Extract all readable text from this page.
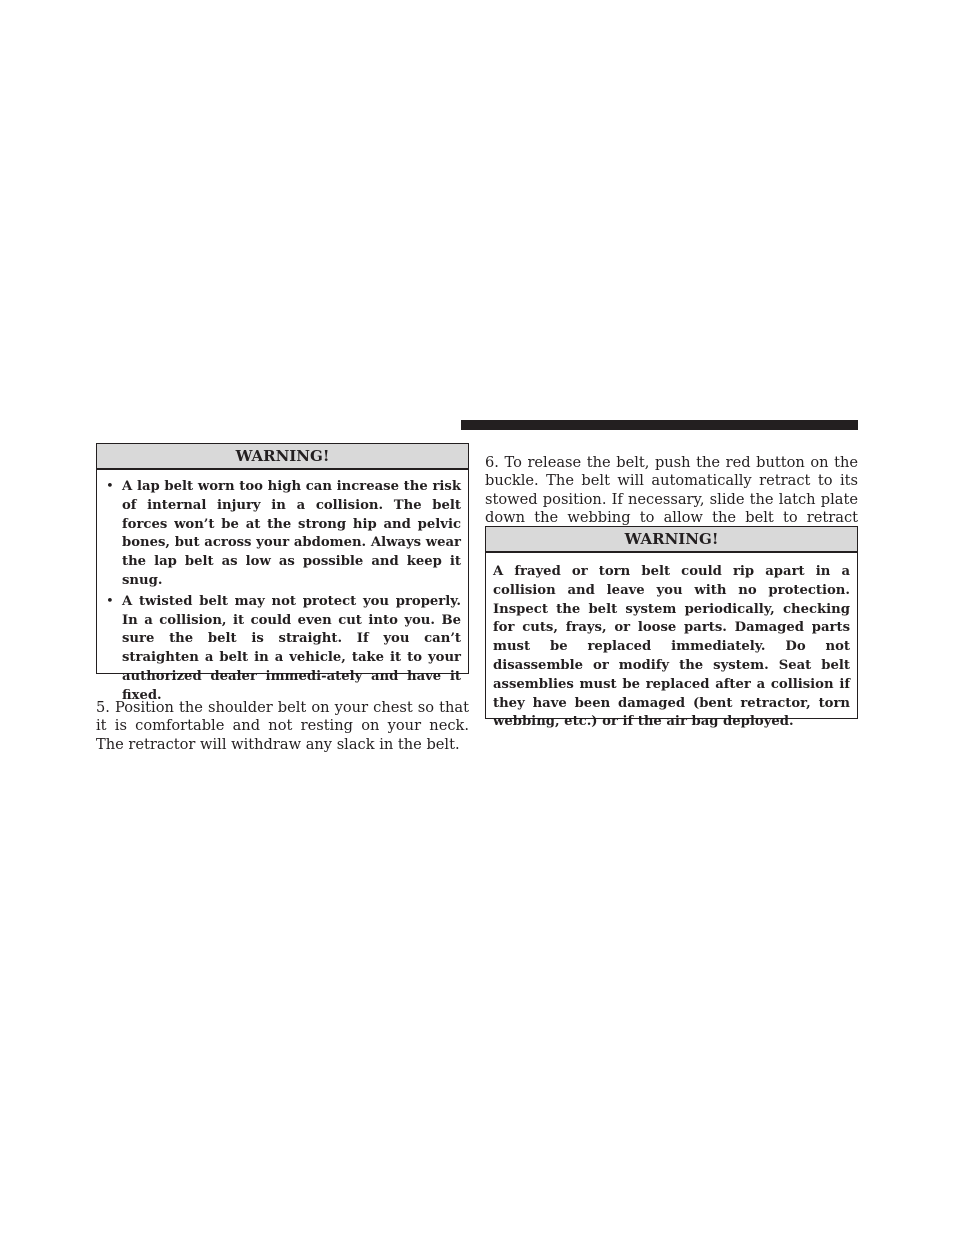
WARNING!
• A lap belt worn too high can increase the risk of internal injury in a collision. The belt forces won’t be at the strong hip and pelvic bones, but across your abdomen. Always wear the lap belt as low as possible and keep it snug.
• A twisted belt may not protect you properly. In a collision, it could even cut into you. Be sure the belt is straight. If you can’t straighten a belt in a vehicle, take it to your authorized dealer immedi-ately and have it fixed.

5. Position the shoulder belt on your chest so that it is comfortable and not resting on your neck. The retractor will withdraw any slack in the belt.

6. To release the belt, push the red button on the buckle. The belt will automatically retract to its stowed position. If necessary, slide the latch plate down the webbing to allow the belt to retract

WARNING!
A frayed or torn belt could rip apart in a collision and leave you with no protection. Inspect the belt system periodically, checking for cuts, frays, or loose parts. Damaged parts must be replaced immediately. Do not disassemble or modify the system. Seat belt assemblies must be replaced after a collision if they have been damaged (bent retractor, torn webbing, etc.) or if the air bag deployed.
